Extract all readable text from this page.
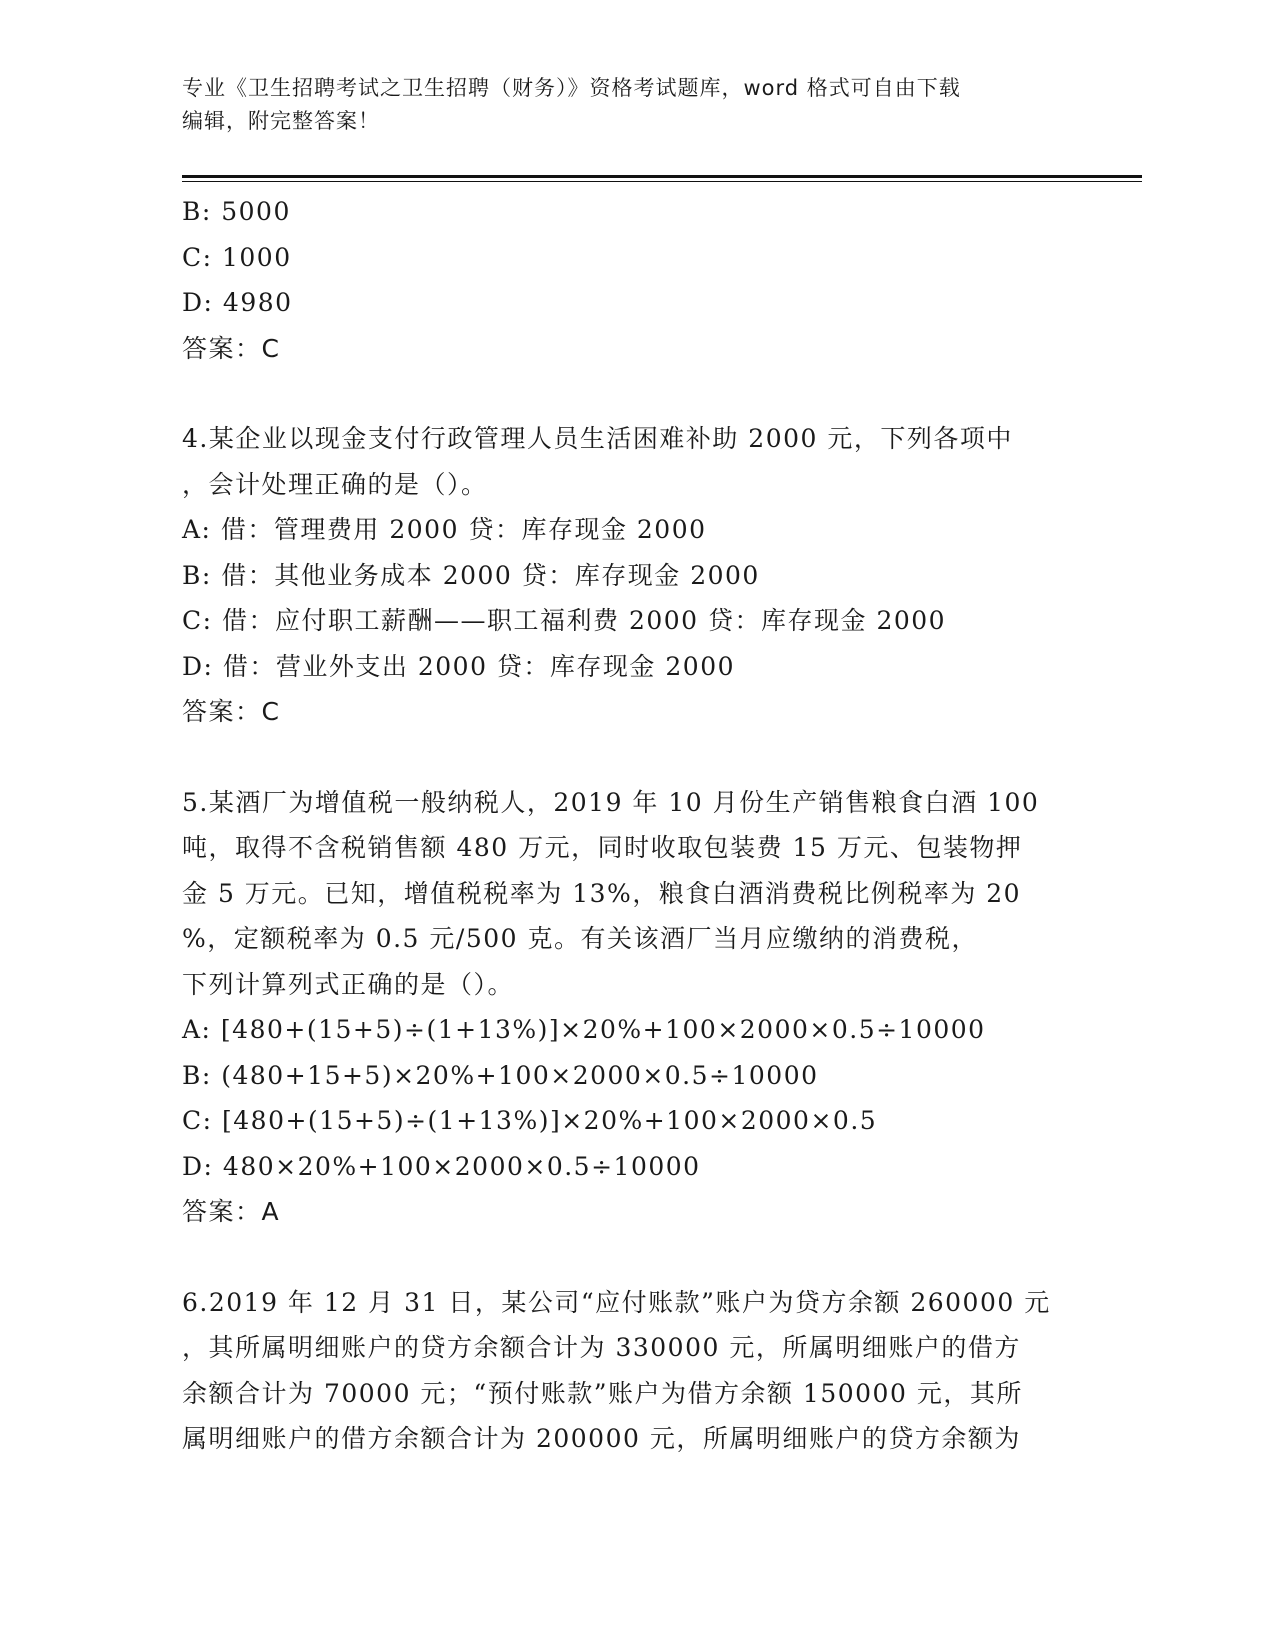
专业《卫生招聘考试之卫生招聘（财务）》资格考试题库，word 格式可自由下载
编辑，附完整答案！
B: 5000
C: 1000
D: 4980
答案：C
4.某企业以现金支付行政管理人员生活困难补助 2000 元，下列各项中
，会计处理正确的是（）。
A: 借：管理费用 2000 贷：库存现金 2000
B: 借：其他业务成本 2000 贷：库存现金 2000
C: 借：应付职工薪酬——职工福利费 2000 贷：库存现金 2000
D: 借：营业外支出 2000 贷：库存现金 2000
答案：C
5.某酒厂为增值税一般纳税人，2019 年 10 月份生产销售粮食白酒 100
吨，取得不含税销售额 480 万元，同时收取包装费 15 万元、包装物押
金 5 万元。已知，增值税税率为 13%，粮食白酒消费税比例税率为 20
%，定额税率为 0.5 元/500 克。有关该酒厂当月应缴纳的消费税，
下列计算列式正确的是（）。
A: [480+(15+5)÷(1+13%)]×20%+100×2000×0.5÷10000
B: (480+15+5)×20%+100×2000×0.5÷10000
C: [480+(15+5)÷(1+13%)]×20%+100×2000×0.5
D: 480×20%+100×2000×0.5÷10000
答案：A
6.2019 年 12 月 31 日，某公司“应付账款”账户为贷方余额 260000 元
，其所属明细账户的贷方余额合计为 330000 元，所属明细账户的借方
余额合计为 70000 元；“预付账款”账户为借方余额 150000 元，其所
属明细账户的借方余额合计为 200000 元，所属明细账户的贷方余额为
